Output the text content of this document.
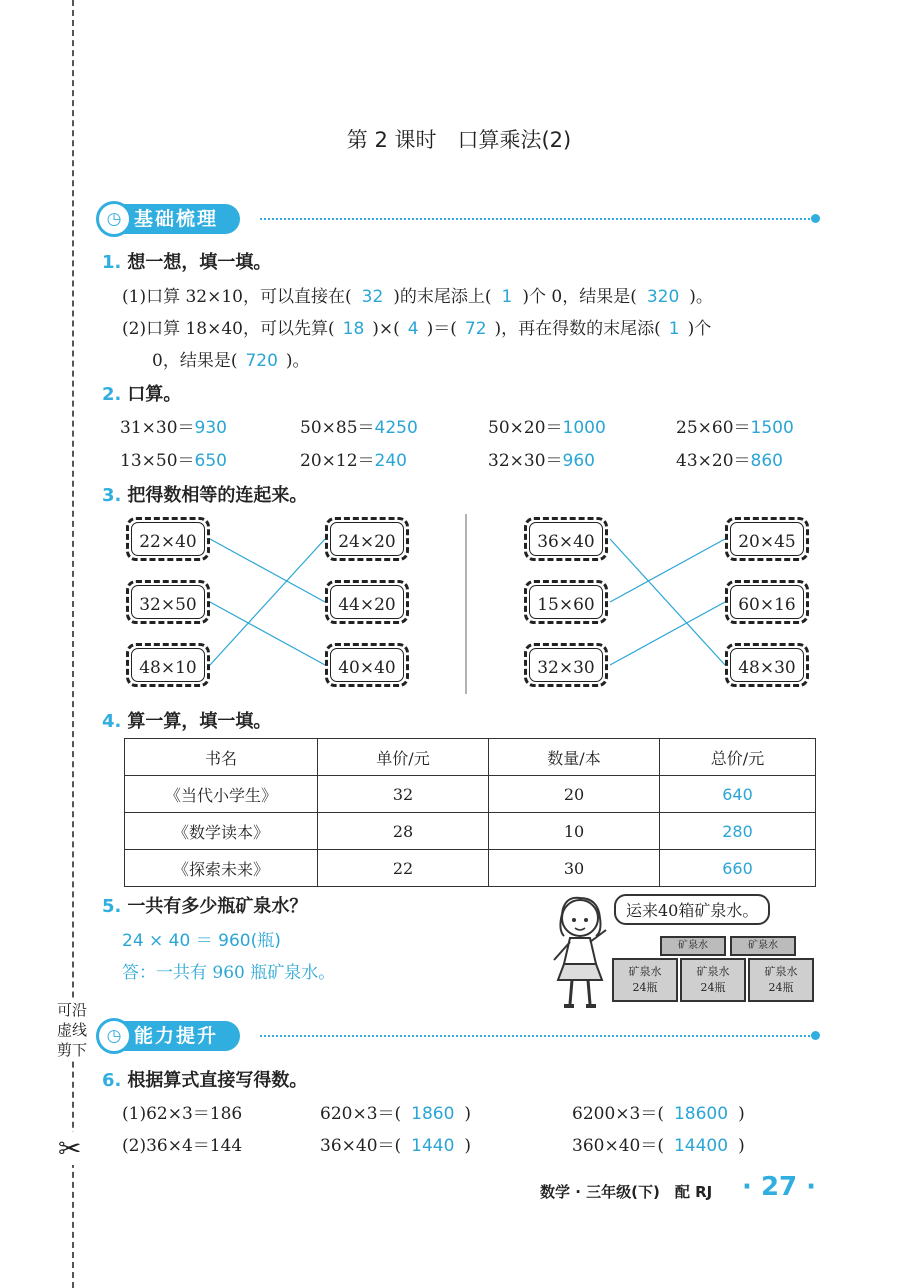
可沿虚线剪下
✂
第 2 课时　口算乘法(2)
基础梳理
◷
1. 想一想，填一填。
(1)口算 32×10，可以直接在( 32 )的末尾添上( 1 )个 0，结果是( 320 )。
(2)口算 18×40，可以先算( 18 )×( 4 )＝( 72 )，再在得数的末尾添( 1 )个
0，结果是( 720 )。
2. 口算。
31×30＝930	50×85＝4250	50×20＝1000	25×60＝1500
13×50＝650	20×12＝240	32×30＝960	43×20＝860
3. 把得数相等的连起来。
22×40
32×50
48×10
24×20
44×20
40×40
36×40
15×60
32×30
20×45
60×16
48×30
4. 算一算，填一填。
书名	单价/元	数量/本	总价/元
《当代小学生》	32	20	640
《数学读本》	28	10	280
《探索未来》	22	30	660
5. 一共有多少瓶矿泉水？
24 × 40 ＝ 960(瓶)
答：一共有 960 瓶矿泉水。
运来40箱矿泉水。
矿泉水	矿泉水
矿泉水
24瓶
矿泉水
24瓶
矿泉水
24瓶
能力提升
◷
6. 根据算式直接写得数。
(1)62×3＝186	620×3＝( 1860 )	6200×3＝( 18600 )
(2)36×4＝144	36×40＝( 1440 )	360×40＝( 14400 )
数学 · 三年级(下)　配 RJ · 27 ·
